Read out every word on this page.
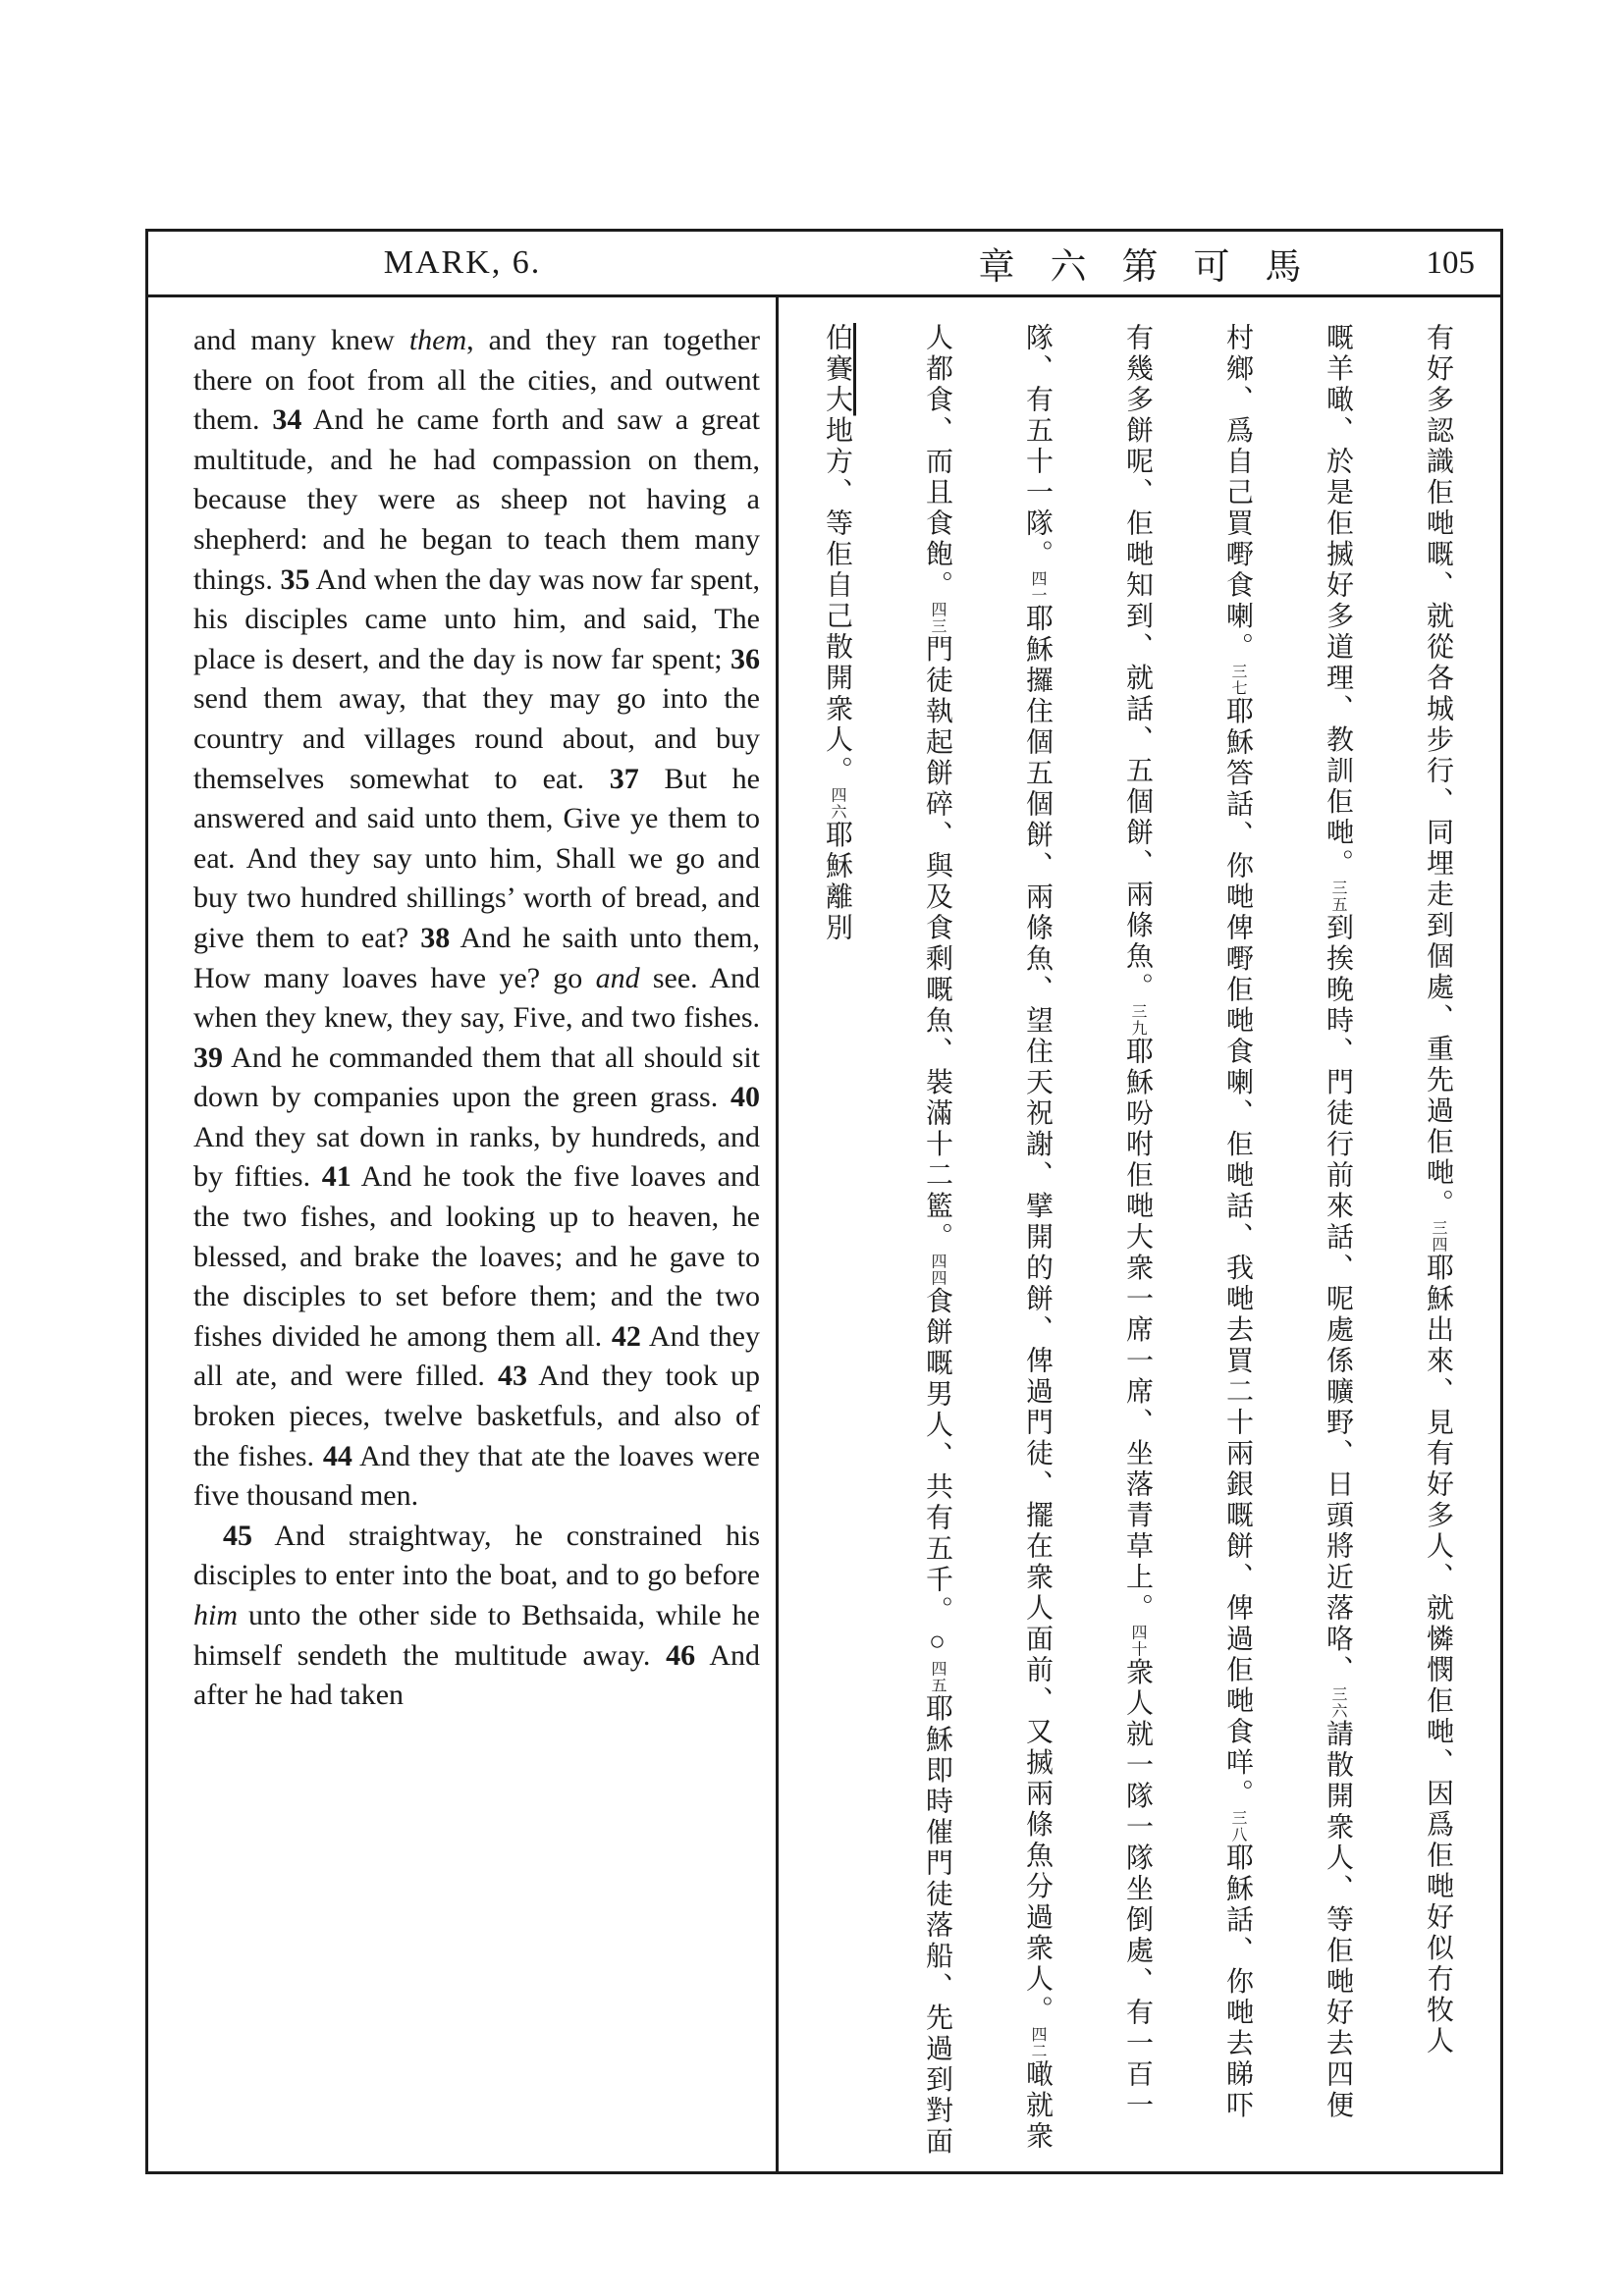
MARK, 6.	章六第可馬	105

and many knew them, and they ran together there on foot from all the cities, and outwent them. 34 And he came forth and saw a great multitude, and he had compassion on them, because they were as sheep not having a shepherd: and he began to teach them many things. 35 And when the day was now far spent, his disciples came unto him, and said, The place is desert, and the day is now far spent; 36 send them away, that they may go into the country and villages round about, and buy themselves somewhat to eat. 37 But he answered and said unto them, Give ye them to eat. And they say unto him, Shall we go and buy two hundred shillings’ worth of bread, and give them to eat? 38 And he saith unto them, How many loaves have ye? go and see. And when they knew, they say, Five, and two fishes. 39 And he commanded them that all should sit down by companies upon the green grass. 40 And they sat down in ranks, by hundreds, and by fifties. 41 And he took the five loaves and the two fishes, and looking up to heaven, he blessed, and brake the loaves; and he gave to the disciples to set before them; and the two fishes divided he among them all. 42 And they all ate, and were filled. 43 And they took up broken pieces, twelve basketfuls, and also of the fishes. 44 And they that ate the loaves were five thousand men.

45 And straightway, he constrained his disciples to enter into the boat, and to go before him unto the other side to Bethsaida, while he himself sendeth the multitude away. 46 And after he had taken

有好多認識佢哋嘅、就從各城步行、同埋走到個處、重先過佢哋。三四耶穌出來、見有好多人、就憐憫佢哋、因爲佢哋好似冇牧人
嘅羊噉、於是佢搣好多道理、教訓佢哋。三五到挨晚時、門徒行前來話、呢處係曠野、日頭將近落咯、三六請散開衆人、等佢哋好去四便
村鄉、爲自己買嘢食喇。三七耶穌答話、你哋俾嘢佢哋食喇、佢哋話、我哋去買二十兩銀嘅餅、俾過佢哋食咩。三八耶穌話、你哋去睇吓
有幾多餅呢、佢哋知到、就話、五個餅、兩條魚。三九耶穌吩咐佢哋大衆一席一席、坐落青草上。四十衆人就一隊一隊坐倒處、有一百一
隊、有五十一隊。四一耶穌攞住個五個餅、兩條魚、望住天祝謝、擘開的餅、俾過門徒、擺在衆人面前、又搣兩條魚分過衆人。四二噉就衆
人都食、而且食飽。四三門徒執起餅碎、與及食剩嘅魚、裝滿十二籃。四四食餅嘅男人、共有五千。○四五耶穌即時催門徒落船、先過到對面
伯賽大地方、等佢自己散開衆人。四六耶穌離別
